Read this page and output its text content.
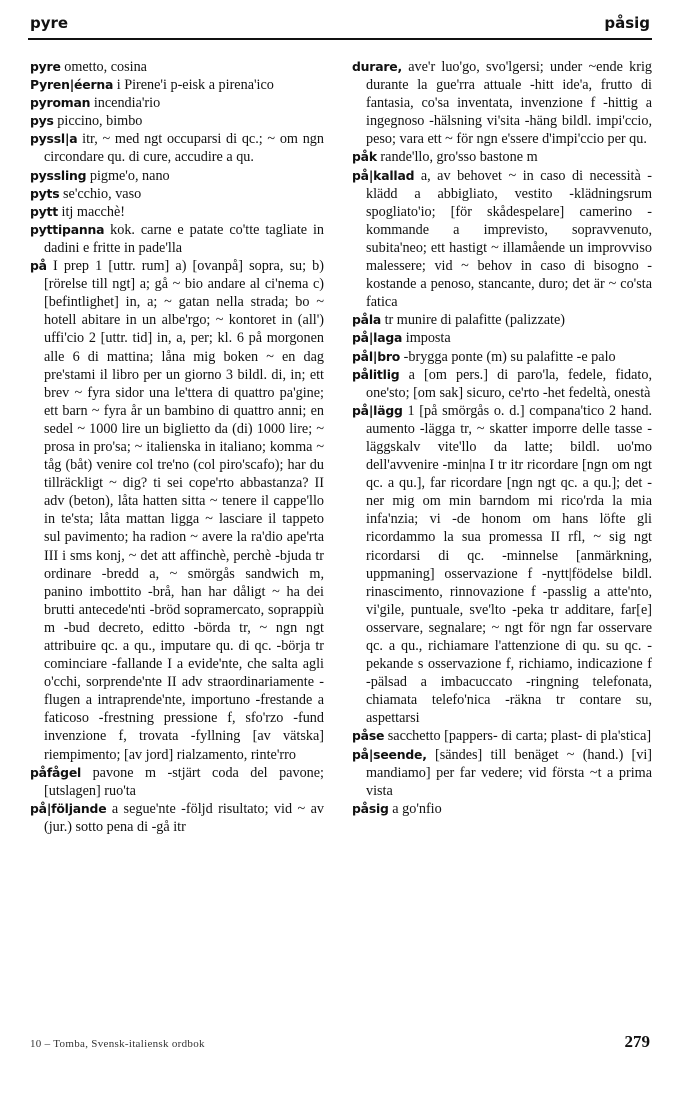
pyre	påsig

pyre ometto, cosina

Pyren|éerna i Pirene'i p-eisk a pirena'ico

pyroman incendia'rio

pys piccino, bimbo

pyssl|a itr, ~ med ngt occuparsi di qc.; ~ om ngn circondare qu. di cure, accudire a qu.

pyssling pigme'o, nano

pyts se'cchio, vaso

pytt itj macchè!

pyttipanna kok. carne e patate co'tte tagliate in dadini e fritte in pade'lla

på I prep 1 [uttr. rum] a) [ovanpå] sopra, su; b) [rörelse till ngt] a; gå ~ bio andare al ci'nema c) [befintlighet] in, a; ~ gatan nella strada; bo ~ hotell abitare in un albe'rgo; ~ kontoret in (all') uffi'cio 2 [uttr. tid] in, a, per; kl. 6 på morgonen alle 6 di mattina; låna mig boken ~ en dag pre'stami il libro per un giorno 3 bildl. di, in; ett brev ~ fyra sidor una le'ttera di quattro pa'gine; ett barn ~ fyra år un bambino di quattro anni; en sedel ~ 1000 lire un biglietto da (di) 1000 lire; ~ prosa in pro'sa; ~ italienska in italiano; komma ~ tåg (båt) venire col tre'no (col piro'scafo); har du tillräckligt ~ dig? ti sei cope'rto abbastanza? II adv (beton), låta hatten sitta ~ tenere il cappe'llo in te'sta; låta mattan ligga ~ lasciare il tappeto sul pavimento; ha radion ~ avere la ra'dio ape'rta III i sms konj, ~ det att affinchè, perchè -bjuda tr ordinare -bredd a, ~ smörgås sandwich m, panino imbottito -brå, han har dåligt ~ ha dei brutti antecede'nti -bröd sopramercato, soprappiù m -bud decreto, editto -börda tr, ~ ngn ngt attribuire qc. a qu., imputare qu. di qc. -börja tr cominciare -fallande I a evide'nte, che salta agli o'cchi, sorprende'nte II adv straordinariamente -flugen a intraprende'nte, importuno -frestande a faticoso -frestning pressione f, sfo'rzo -fund invenzione f, trovata -fyllning [av vätska] riempimento; [av jord] rialzamento, rinte'rro

påfågel pavone m -stjärt coda del pavone; [utslagen] ruo'ta

på|följande a segue'nte -följd risultato; vid ~ av (jur.) sotto pena di -gå itr

durare, ave'r luo'go, svo'lgersi; under ~ende krig durante la gue'rra attuale -hitt ide'a, frutto di fantasia, co'sa inventata, invenzione f -hittig a ingegnoso -hälsning vi'sita -häng bildl. impi'ccio, peso; vara ett ~ för ngn e'ssere d'impi'ccio per qu.

påk rande'llo, gro'sso bastone m

på|kallad a, av behovet ~ in caso di necessità -klädd a abbigliato, vestito -klädningsrum spogliato'io; [för skådespelare] camerino -kommande a imprevisto, sopravvenuto, subita'neo; ett hastigt ~ illamående un improvviso malessere; vid ~ behov in caso di bisogno -kostande a penoso, stancante, duro; det är ~ co'sta fatica

påla tr munire di palafitte (palizzate)

på|laga imposta

pål|bro -brygga ponte (m) su palafitte -e palo

pålitlig a [om pers.] di paro'la, fedele, fidato, one'sto; [om sak] sicuro, ce'rto -het fedeltà, onestà

på|lägg 1 [på smörgås o. d.] compana'tico 2 hand. aumento -lägga tr, ~ skatter imporre delle tasse -läggskalv vite'llo da latte; bildl. uo'mo dell'avvenire -min|na I tr itr ricordare [ngn om ngt qc. a qu.], far ricordare [ngn ngt qc. a qu.]; det -ner mig om min barndom mi rico'rda la mia infa'nzia; vi -de honom om hans löfte gli ricordammo la sua promessa II rfl, ~ sig ngt ricordarsi di qc. -minnelse [anmärkning, uppmaning] osservazione f -nytt|födelse bildl. rinascimento, rinnovazione f -passlig a atte'nto, vi'gile, puntuale, sve'lto -peka tr additare, far[e] osservare, segnalare; ~ ngt för ngn far osservare qc. a qu., richiamare l'attenzione di qu. su qc. -pekande s osservazione f, richiamo, indicazione f -pälsad a imbacuccato -ringning telefonata, chiamata telefo'nica -räkna tr contare su, aspettarsi

påse sacchetto [pappers- di carta; plast- di pla'stica]

på|seende, [sändes] till benäget ~ (hand.) [vi] mandiamo] per far vedere; vid första ~t a prima vista

påsig a go'nfio

10 – Tomba, Svensk-italiensk ordbok	279
